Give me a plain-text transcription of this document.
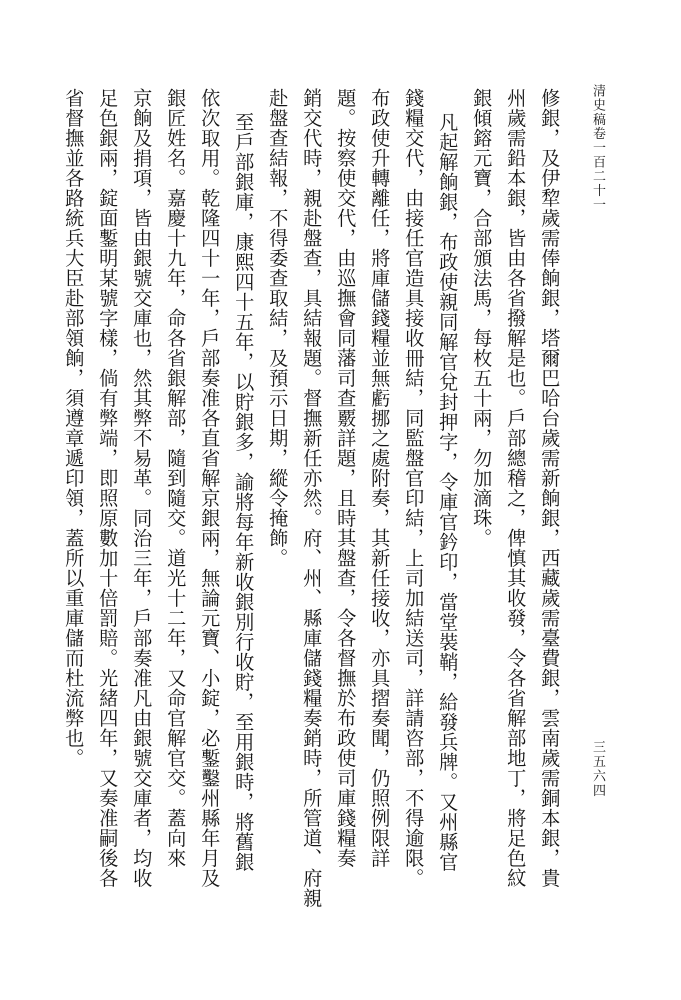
清史稿卷一百二十一
三五六四
修銀，及伊犂歲需俸餉銀，塔爾巴哈台歲需新餉銀，西藏歲需臺費銀，雲南歲需銅本銀，貴
州歲需鉛本銀，皆由各省撥解是也。戶部總稽之，俾慎其收發，令各省解部地丁，將足色紋
銀傾鎔元寶，合部頒法馬，每枚五十兩，勿加滴珠。
凡起解餉銀，布政使親同解官兌封押字，令庫官鈐印，當堂裝鞘，給發兵牌。又州縣官
錢糧交代，由接任官造具接收冊結，同監盤官印結，上司加結送司，詳請咨部，不得逾限。
布政使升轉離任，將庫儲錢糧並無虧挪之處附奏，其新任接收，亦具摺奏聞，仍照例限詳
題。按察使交代，由巡撫會同藩司查覈詳題，且時其盤查，令各督撫於布政使司庫錢糧奏
銷交代時，親赴盤查，具結報題。督撫新任亦然。府、州、縣庫儲錢糧奏銷時，所管道、府親
赴盤查結報，不得委查取結，及預示日期，縱令掩飾。
至戶部銀庫，康熙四十五年，以貯銀多，諭將每年新收銀別行收貯，至用銀時，將舊銀
依次取用。乾隆四十一年，戶部奏准各直省解京銀兩，無論元寶、小錠，必鏨鑿州縣年月及
銀匠姓名。嘉慶十九年，命各省銀解部，隨到隨交。道光十二年，又命官解官交。蓋向來
京餉及捐項，皆由銀號交庫也，然其弊不易革。同治三年，戶部奏准凡由銀號交庫者，均收
足色銀兩，錠面鏨明某號字樣，倘有弊端，即照原數加十倍罰賠。光緒四年，又奏准嗣後各
省督撫並各路統兵大臣赴部領餉，須遵章遞印領，蓋所以重庫儲而杜流弊也。
